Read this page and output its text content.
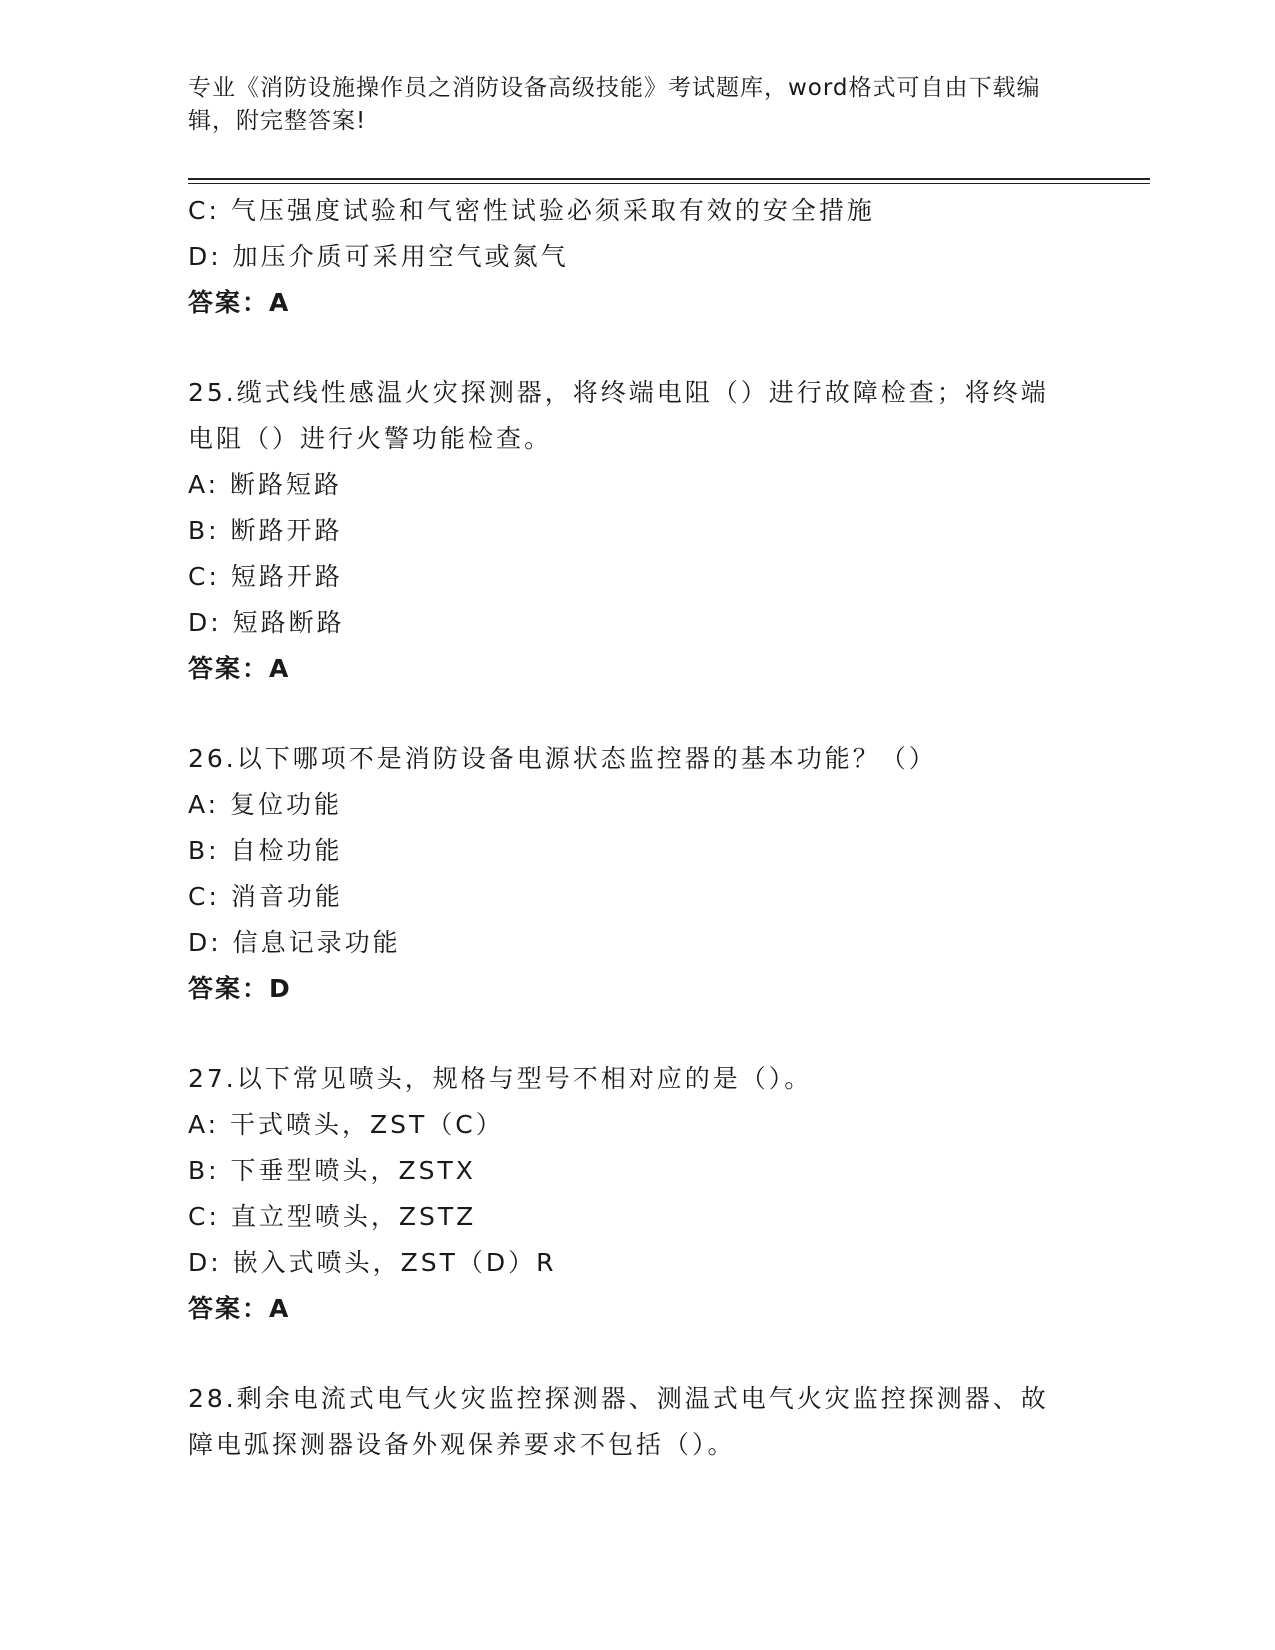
专业《消防设施操作员之消防设备高级技能》考试题库，word格式可自由下载编
辑，附完整答案!
C: 气压强度试验和气密性试验必须采取有效的安全措施
D: 加压介质可采用空气或氮气
答案：A
25.缆式线性感温火灾探测器，将终端电阻（）进行故障检查；将终端
电阻（）进行火警功能检查。
A: 断路短路
B: 断路开路
C: 短路开路
D: 短路断路
答案：A
26.以下哪项不是消防设备电源状态监控器的基本功能？（）
A: 复位功能
B: 自检功能
C: 消音功能
D: 信息记录功能
答案：D
27.以下常见喷头，规格与型号不相对应的是（）。
A: 干式喷头，ZST（C）
B: 下垂型喷头，ZSTX
C: 直立型喷头，ZSTZ
D: 嵌入式喷头，ZST（D）R
答案：A
28.剩余电流式电气火灾监控探测器、测温式电气火灾监控探测器、故
障电弧探测器设备外观保养要求不包括（）。
